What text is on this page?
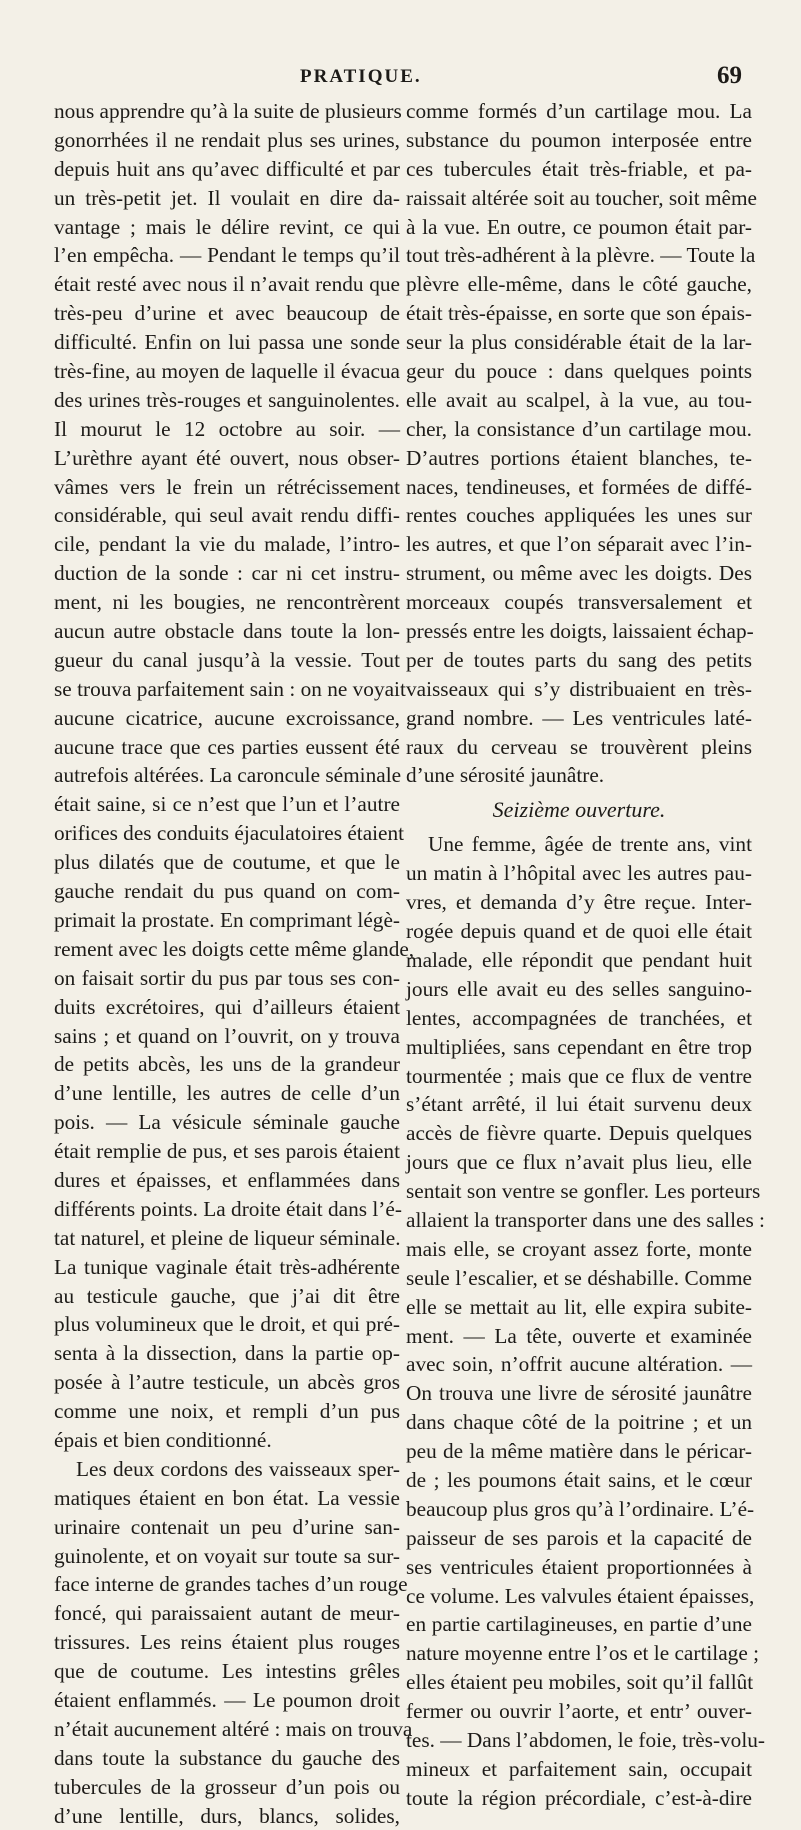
PRATIQUE.	69
nous apprendre qu’à la suite de plusieurs
gonorrhées il ne rendait plus ses urines,
depuis huit ans qu’avec difficulté et par
un très-petit jet. Il voulait en dire da-
vantage ; mais le délire revint, ce qui
l’en empêcha. — Pendant le temps qu’il
était resté avec nous il n’avait rendu que
très-peu d’urine et avec beaucoup de
difficulté. Enfin on lui passa une sonde
très-fine, au moyen de laquelle il évacua
des urines très-rouges et sanguinolentes.
Il mourut le 12 octobre au soir. —
L’urèthre ayant été ouvert, nous obser-
vâmes vers le frein un rétrécissement
considérable, qui seul avait rendu diffi-
cile, pendant la vie du malade, l’intro-
duction de la sonde : car ni cet instru-
ment, ni les bougies, ne rencontrèrent
aucun autre obstacle dans toute la lon-
gueur du canal jusqu’à la vessie. Tout
se trouva parfaitement sain : on ne voyait
aucune cicatrice, aucune excroissance,
aucune trace que ces parties eussent été
autrefois altérées. La caroncule séminale
était saine, si ce n’est que l’un et l’autre
orifices des conduits éjaculatoires étaient
plus dilatés que de coutume, et que le
gauche rendait du pus quand on com-
primait la prostate. En comprimant légè-
rement avec les doigts cette même glande,
on faisait sortir du pus par tous ses con-
duits excrétoires, qui d’ailleurs étaient
sains ; et quand on l’ouvrit, on y trouva
de petits abcès, les uns de la grandeur
d’une lentille, les autres de celle d’un
pois. — La vésicule séminale gauche
était remplie de pus, et ses parois étaient
dures et épaisses, et enflammées dans
différents points. La droite était dans l’é-
tat naturel, et pleine de liqueur séminale.
La tunique vaginale était très-adhérente
au testicule gauche, que j’ai dit être
plus volumineux que le droit, et qui pré-
senta à la dissection, dans la partie op-
posée à l’autre testicule, un abcès gros
comme une noix, et rempli d’un pus
épais et bien conditionné.
Les deux cordons des vaisseaux sper-
matiques étaient en bon état. La vessie
urinaire contenait un peu d’urine san-
guinolente, et on voyait sur toute sa sur-
face interne de grandes taches d’un rouge
foncé, qui paraissaient autant de meur-
trissures. Les reins étaient plus rouges
que de coutume. Les intestins grêles
étaient enflammés. — Le poumon droit
n’était aucunement altéré : mais on trouva
dans toute la substance du gauche des
tubercules de la grosseur d’un pois ou
d’une lentille, durs, blancs, solides,
comme formés d’un cartilage mou. La
substance du poumon interposée entre
ces tubercules était très-friable, et pa-
raissait altérée soit au toucher, soit même
à la vue. En outre, ce poumon était par-
tout très-adhérent à la plèvre. — Toute la
plèvre elle-même, dans le côté gauche,
était très-épaisse, en sorte que son épais-
seur la plus considérable était de la lar-
geur du pouce : dans quelques points
elle avait au scalpel, à la vue, au tou-
cher, la consistance d’un cartilage mou.
D’autres portions étaient blanches, te-
naces, tendineuses, et formées de diffé-
rentes couches appliquées les unes sur
les autres, et que l’on séparait avec l’in-
strument, ou même avec les doigts. Des
morceaux coupés transversalement et
pressés entre les doigts, laissaient échap-
per de toutes parts du sang des petits
vaisseaux qui s’y distribuaient en très-
grand nombre. — Les ventricules laté-
raux du cerveau se trouvèrent pleins
d’une sérosité jaunâtre.
Seizième ouverture.
Une femme, âgée de trente ans, vint
un matin à l’hôpital avec les autres pau-
vres, et demanda d’y être reçue. Inter-
rogée depuis quand et de quoi elle était
malade, elle répondit que pendant huit
jours elle avait eu des selles sanguino-
lentes, accompagnées de tranchées, et
multipliées, sans cependant en être trop
tourmentée ; mais que ce flux de ventre
s’étant arrêté, il lui était survenu deux
accès de fièvre quarte. Depuis quelques
jours que ce flux n’avait plus lieu, elle
sentait son ventre se gonfler. Les porteurs
allaient la transporter dans une des salles :
mais elle, se croyant assez forte, monte
seule l’escalier, et se déshabille. Comme
elle se mettait au lit, elle expira subite-
ment. — La tête, ouverte et examinée
avec soin, n’offrit aucune altération. —
On trouva une livre de sérosité jaunâtre
dans chaque côté de la poitrine ; et un
peu de la même matière dans le péricar-
de ; les poumons était sains, et le cœur
beaucoup plus gros qu’à l’ordinaire. L’é-
paisseur de ses parois et la capacité de
ses ventricules étaient proportionnées à
ce volume. Les valvules étaient épaisses,
en partie cartilagineuses, en partie d’une
nature moyenne entre l’os et le cartilage ;
elles étaient peu mobiles, soit qu’il fallût
fermer ou ouvrir l’aorte, et entr’ ouver-
tes. — Dans l’abdomen, le foie, très-volu-
mineux et parfaitement sain, occupait
toute la région précordiale, c’est-à-dire
